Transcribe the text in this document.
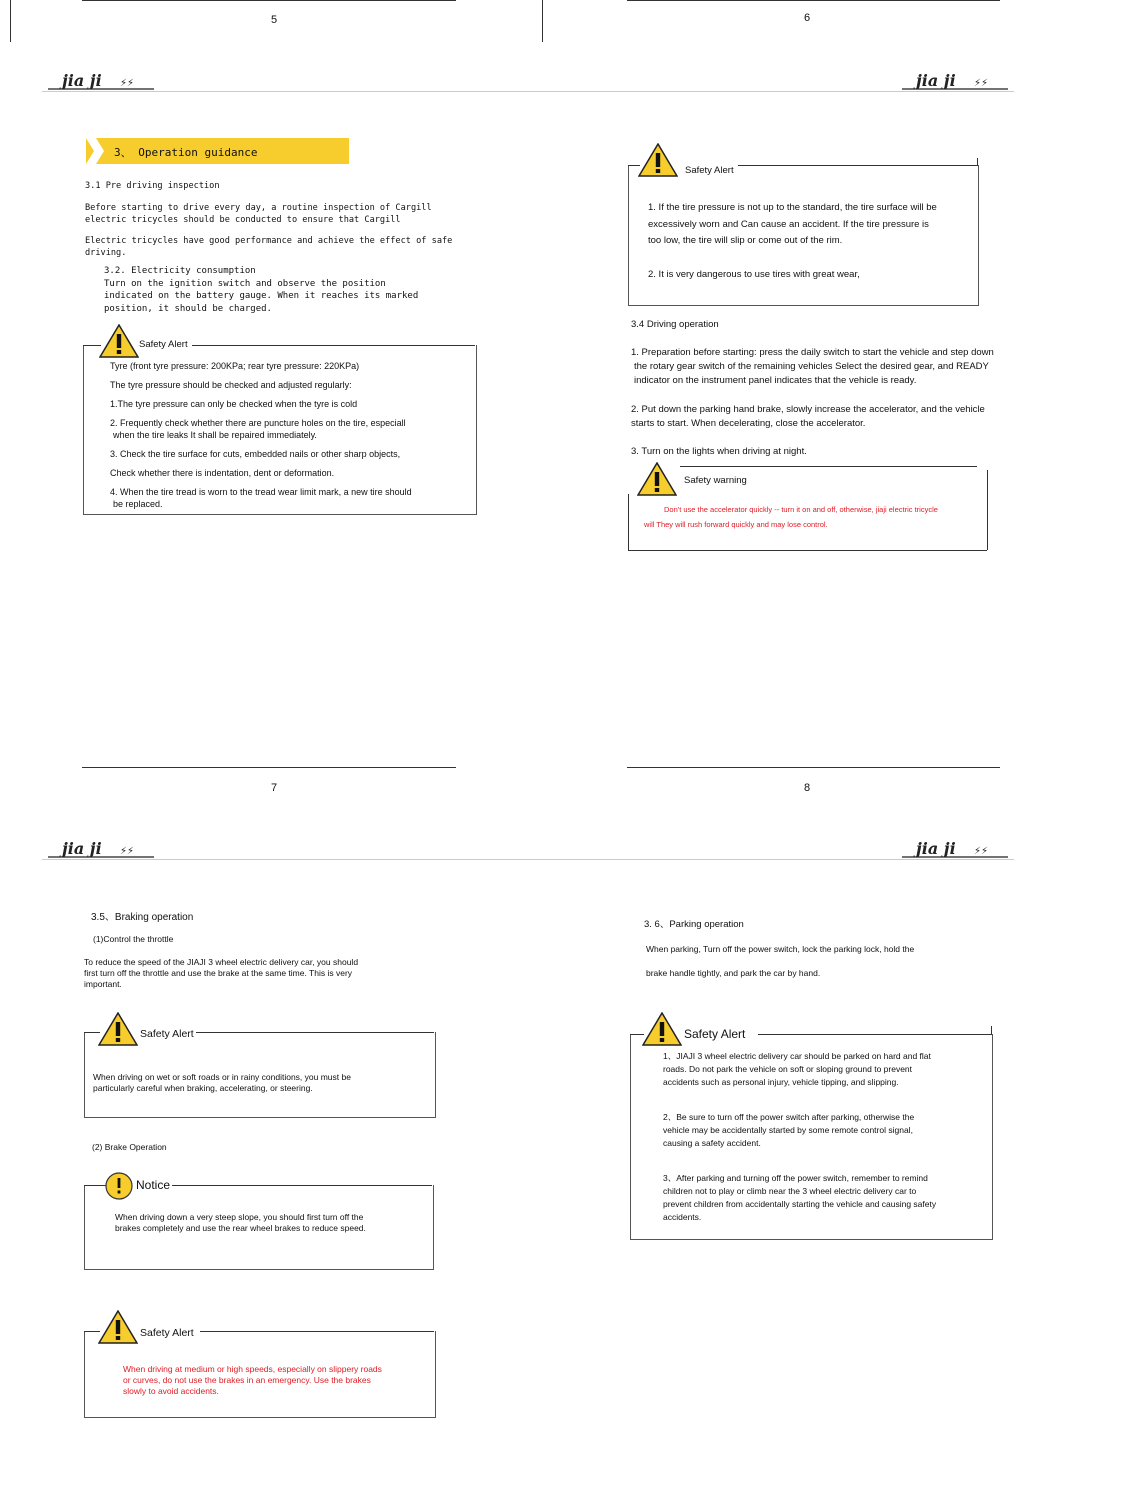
5	6
3、 Operation guidance
3.1 Pre driving inspection

Before starting to drive every day, a routine inspection of Cargill

electric tricycles should be conducted to ensure that Cargill

Electric tricycles have good performance and achieve the effect of safe

driving.

3.2. Electricity consumption

Turn on the ignition switch and observe the position

indicated on the battery gauge. When it reaches its marked

position, it should be charged.

Safety Alert

Tyre (front tyre pressure: 200KPa; rear tyre pressure: 220KPa)

The tyre pressure should be checked and adjusted regularly:

1.The tyre pressure can only be checked when the tyre is cold

2. Frequently check whether there are puncture holes on the tire, especiall

when the tire leaks It shall be repaired immediately.

3. Check the tire surface for cuts, embedded nails or other sharp objects,

Check whether there is indentation, dent or deformation.

4. When the tire tread is worn to the tread wear limit mark, a new tire should

be replaced.

Safety Alert

1. If the tire pressure is not up to the standard, the tire surface will be

excessively worn and Can cause an accident. If the tire pressure is

too low, the tire will slip or come out of the rim.

2. It is very dangerous to use tires with great wear,

3.4 Driving operation

1. Preparation before starting: press the daily switch to start the vehicle and step down

the rotary gear switch of the remaining vehicles Select the desired gear, and READY

indicator on the instrument panel indicates that the vehicle is ready.

2. Put down the parking hand brake, slowly increase the accelerator, and the vehicle

starts to start. When decelerating, close the accelerator.

3. Turn on the lights when driving at night.
Safety warning

Don't use the accelerator quickly -- turn it on and off, otherwise, jiaji electric tricycle

will They will rush forward quickly and may lose control.

7	8
3.5、Braking operation
(1)Control the throttle

To reduce the speed of the JIAJI 3 wheel electric delivery car, you should

first turn off the throttle and use the brake at the same time. This is very

important.

Safety Alert

When driving on wet or soft roads or in rainy conditions, you must be

particularly careful when braking, accelerating, or steering.

(2) Brake Operation
Notice

When driving down a very steep slope, you should first turn off the

brakes completely and use the rear wheel brakes to reduce speed.

Safety Alert

When driving at medium or high speeds, especially on slippery roads

or curves, do not use the brakes in an emergency. Use the brakes

slowly to avoid accidents.

3. 6、Parking operation
When parking, Turn off the power switch, lock the parking lock, hold the
brake handle tightly, and park the car by hand.
Safety Alert

1、JIAJI 3 wheel electric delivery car should be parked on hard and flat

roads. Do not park the vehicle on soft or sloping ground to prevent

accidents such as personal injury, vehicle tipping, and slipping.

2、Be sure to turn off the power switch after parking, otherwise the

vehicle may be accidentally started by some remote control signal,

causing a safety accident.

3、After parking and turning off the power switch, remember to remind

children not to play or climb near the 3 wheel electric delivery car to

prevent children from accidentally starting the vehicle and causing safety

accidents.
